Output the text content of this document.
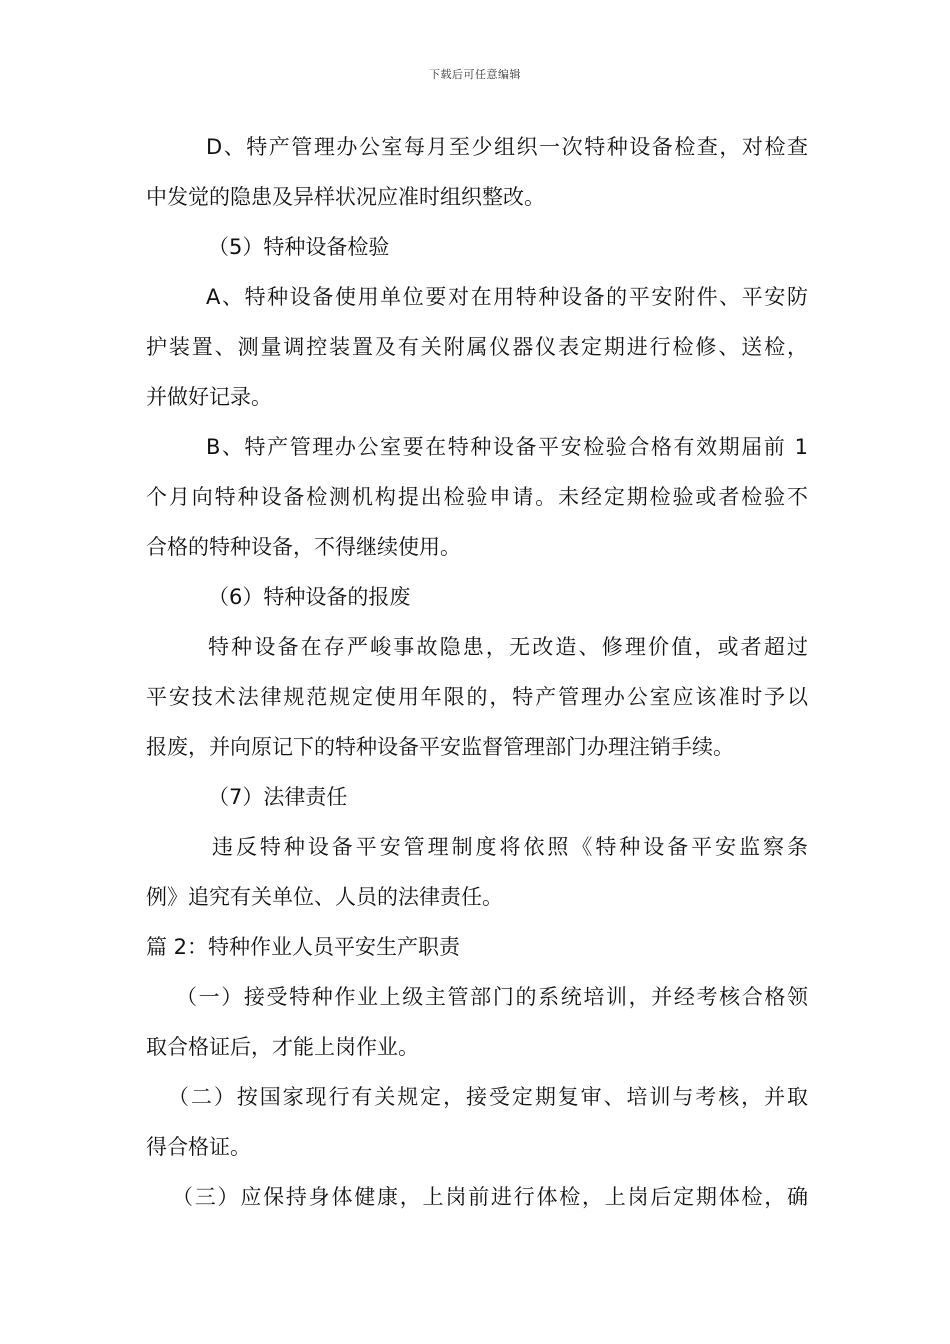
下载后可任意编辑
D、特产管理办公室每月至少组织一次特种设备检查，对检查
中发觉的隐患及异样状况应准时组织整改。
（5）特种设备检验
A、特种设备使用单位要对在用特种设备的平安附件、平安防
护装置、测量调控装置及有关附属仪器仪表定期进行检修、送检，
并做好记录。
B、特产管理办公室要在特种设备平安检验合格有效期届前 1
个月向特种设备检测机构提出检验申请。未经定期检验或者检验不
合格的特种设备，不得继续使用。
（6）特种设备的报废
特种设备在存严峻事故隐患，无改造、修理价值，或者超过
平安技术法律规范规定使用年限的，特产管理办公室应该准时予以
报废，并向原记下的特种设备平安监督管理部门办理注销手续。
（7）法律责任
违反特种设备平安管理制度将依照《特种设备平安监察条
例》追究有关单位、人员的法律责任。
篇 2：特种作业人员平安生产职责
（一）接受特种作业上级主管部门的系统培训，并经考核合格领
取合格证后，才能上岗作业。
（二）按国家现行有关规定，接受定期复审、培训与考核，并取
得合格证。
（三）应保持身体健康，上岗前进行体检，上岗后定期体检，确
